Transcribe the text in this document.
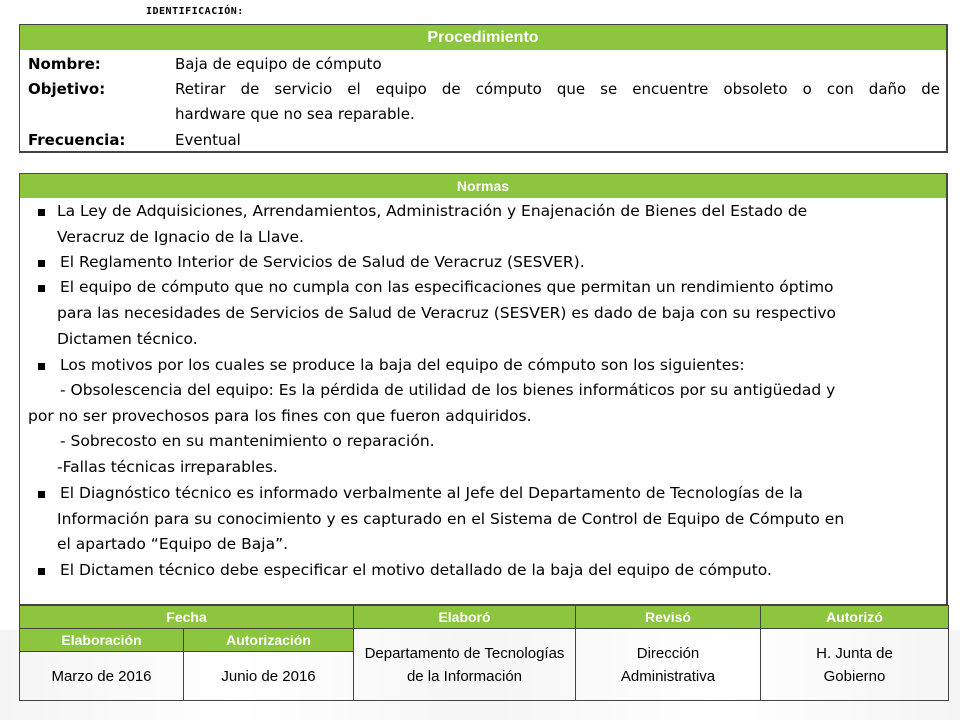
IDENTIFICACIÓN:
Procedimiento
Nombre:	Baja de equipo de cómputo
Objetivo:	Retirar de servicio el equipo de cómputo que se encuentre obsoleto o con daño de
hardware que no sea reparable.
Frecuencia:	Eventual
Normas
La Ley de Adquisiciones, Arrendamientos, Administración y Enajenación de Bienes del Estado de
Veracruz de Ignacio de la Llave.
El Reglamento Interior de Servicios de Salud de Veracruz (SESVER).
El equipo de cómputo que no cumpla con las especificaciones que permitan un rendimiento óptimo
para las necesidades de Servicios de Salud de Veracruz (SESVER) es dado de baja con su respectivo
Dictamen técnico.
Los motivos por los cuales se produce la baja del equipo de cómputo son los siguientes:
- Obsolescencia del equipo: Es la pérdida de utilidad de los bienes informáticos por su antigüedad y
por no ser provechosos para los fines con que fueron adquiridos.
- Sobrecosto en su mantenimiento o reparación.
-Fallas técnicas irreparables.
El Diagnóstico técnico es informado verbalmente al Jefe del Departamento de Tecnologías de la
Información para su conocimiento y es capturado en el Sistema de Control de Equipo de Cómputo en
el apartado “Equipo de Baja”.
El Dictamen técnico debe especificar el motivo detallado de la baja del equipo de cómputo.
Fecha		Elaboró	Revisó	Autorizó
Elaboración	Autorización	Departamento de Tecnologías de la Información	Dirección Administrativa	H. Junta de Gobierno
Marzo de 2016	Junio de 2016			
